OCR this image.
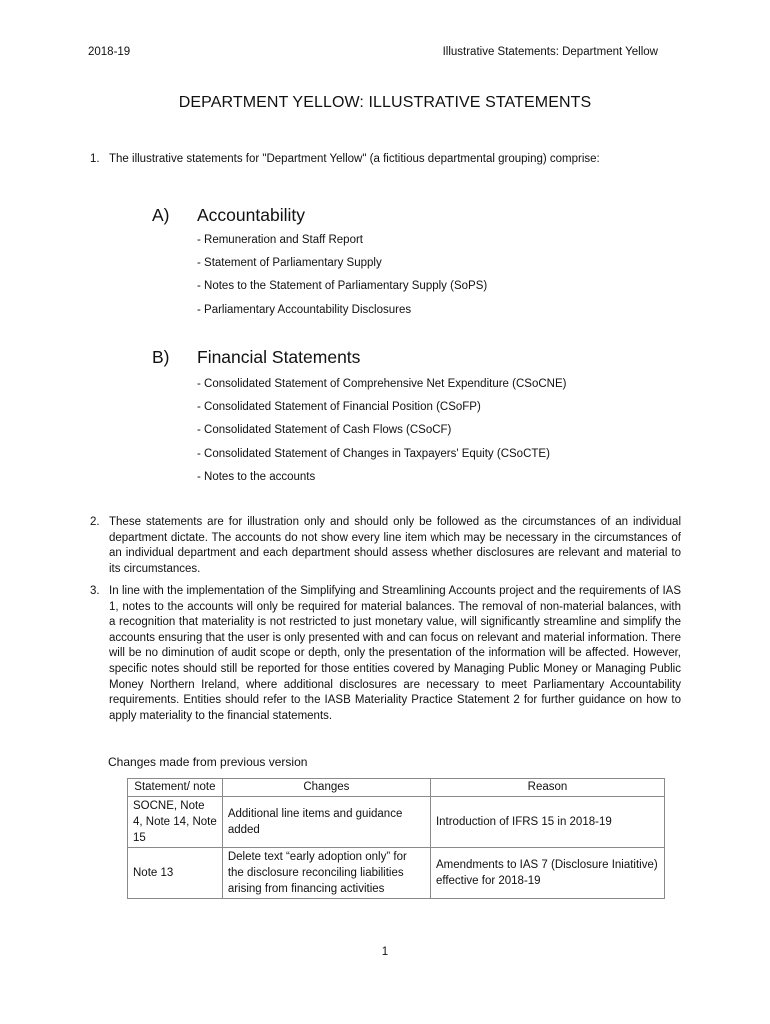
2018-19	Illustrative Statements: Department Yellow
DEPARTMENT YELLOW: ILLUSTRATIVE STATEMENTS
1. The illustrative statements for "Department Yellow" (a fictitious departmental grouping) comprise:
A) Accountability
- Remuneration and Staff Report
- Statement of Parliamentary Supply
- Notes to the Statement of Parliamentary Supply (SoPS)
- Parliamentary Accountability Disclosures
B) Financial Statements
- Consolidated Statement of Comprehensive Net Expenditure (CSoCNE)
- Consolidated Statement of Financial Position (CSoFP)
- Consolidated Statement of Cash Flows (CSoCF)
- Consolidated Statement of Changes in Taxpayers' Equity (CSoCTE)
- Notes to the accounts
2. These statements are for illustration only and should only be followed as the circumstances of an individual department dictate. The accounts do not show every line item which may be necessary in the circumstances of an individual department and each department should assess whether disclosures are relevant and material to its circumstances.
3. In line with the implementation of the Simplifying and Streamlining Accounts project and the requirements of IAS 1, notes to the accounts will only be required for material balances. The removal of non-material balances, with a recognition that materiality is not restricted to just monetary value, will significantly streamline and simplify the accounts ensuring that the user is only presented with and can focus on relevant and material information. There will be no diminution of audit scope or depth, only the presentation of the information will be affected. However, specific notes should still be reported for those entities covered by Managing Public Money or Managing Public Money Northern Ireland, where additional disclosures are necessary to meet Parliamentary Accountability requirements. Entities should refer to the IASB Materiality Practice Statement 2 for further guidance on how to apply materiality to the financial statements.
Changes made from previous version
Statement/ note	Changes	Reason
SOCNE, Note 4, Note 14, Note 15	Additional line items and guidance added	Introduction of IFRS 15 in 2018-19
Note 13	Delete text “early adoption only” for the disclosure reconciling liabilities arising from financing activities	Amendments to IAS 7 (Disclosure Iniatitive) effective for 2018-19
1
